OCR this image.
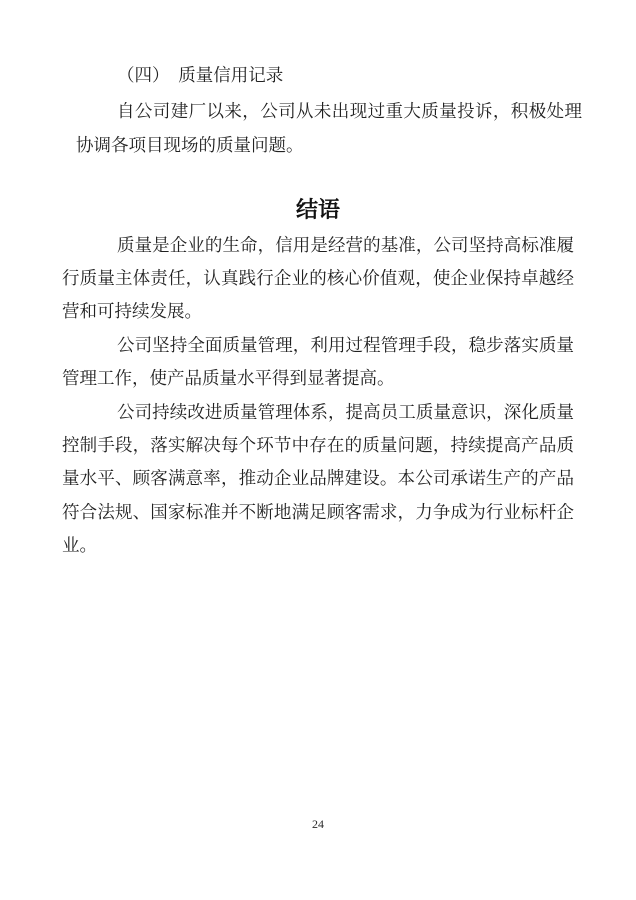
（四）　质量信用记录

自公司建厂以来，公司从未出现过重大质量投诉，积极处理协调各项目现场的质量问题。

结语

质量是企业的生命，信用是经营的基准，公司坚持高标准履行质量主体责任，认真践行企业的核心价值观，使企业保持卓越经营和可持续发展。

公司坚持全面质量管理，利用过程管理手段，稳步落实质量管理工作，使产品质量水平得到显著提高。

公司持续改进质量管理体系，提高员工质量意识，深化质量控制手段，落实解决每个环节中存在的质量问题，持续提高产品质量水平、顾客满意率，推动企业品牌建设。本公司承诺生产的产品符合法规、国家标准并不断地满足顾客需求，力争成为行业标杆企业。

24
